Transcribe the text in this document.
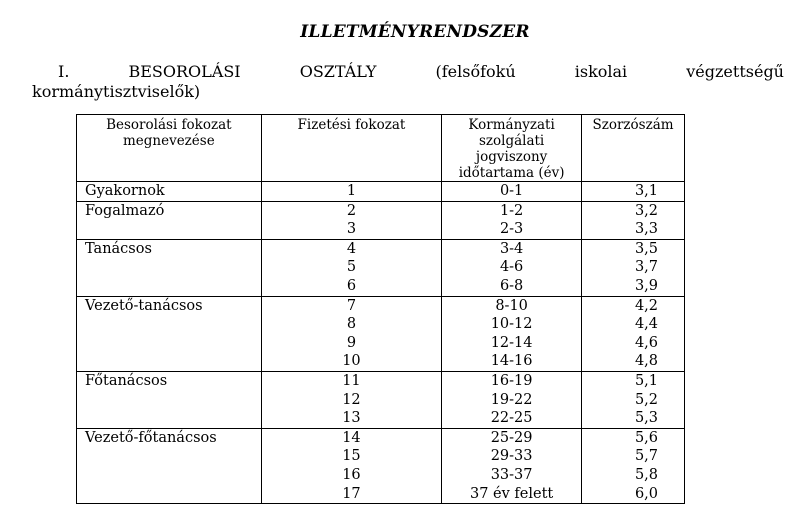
ILLETMÉNYRENDSZER
I.	BESOROLÁSI	OSZTÁLY	(felsőfokú	iskolai	végzettségű
kormánytisztviselők)
Besorolási fokozat megnevezése	Fizetési fokozat	Kormányzati szolgálati jogviszony időtartama (év)	Szorzószám
Gyakornok	1	0-1	3,1
Fogalmazó	2	1-2	3,2
	3	2-3	3,3
Tanácsos	4	3-4	3,5
	5	4-6	3,7
	6	6-8	3,9
Vezető-tanácsos	7	8-10	4,2
	8	10-12	4,4
	9	12-14	4,6
	10	14-16	4,8
Főtanácsos	11	16-19	5,1
	12	19-22	5,2
	13	22-25	5,3
Vezető-főtanácsos	14	25-29	5,6
	15	29-33	5,7
	16	33-37	5,8
	17	37 év felett	6,0
